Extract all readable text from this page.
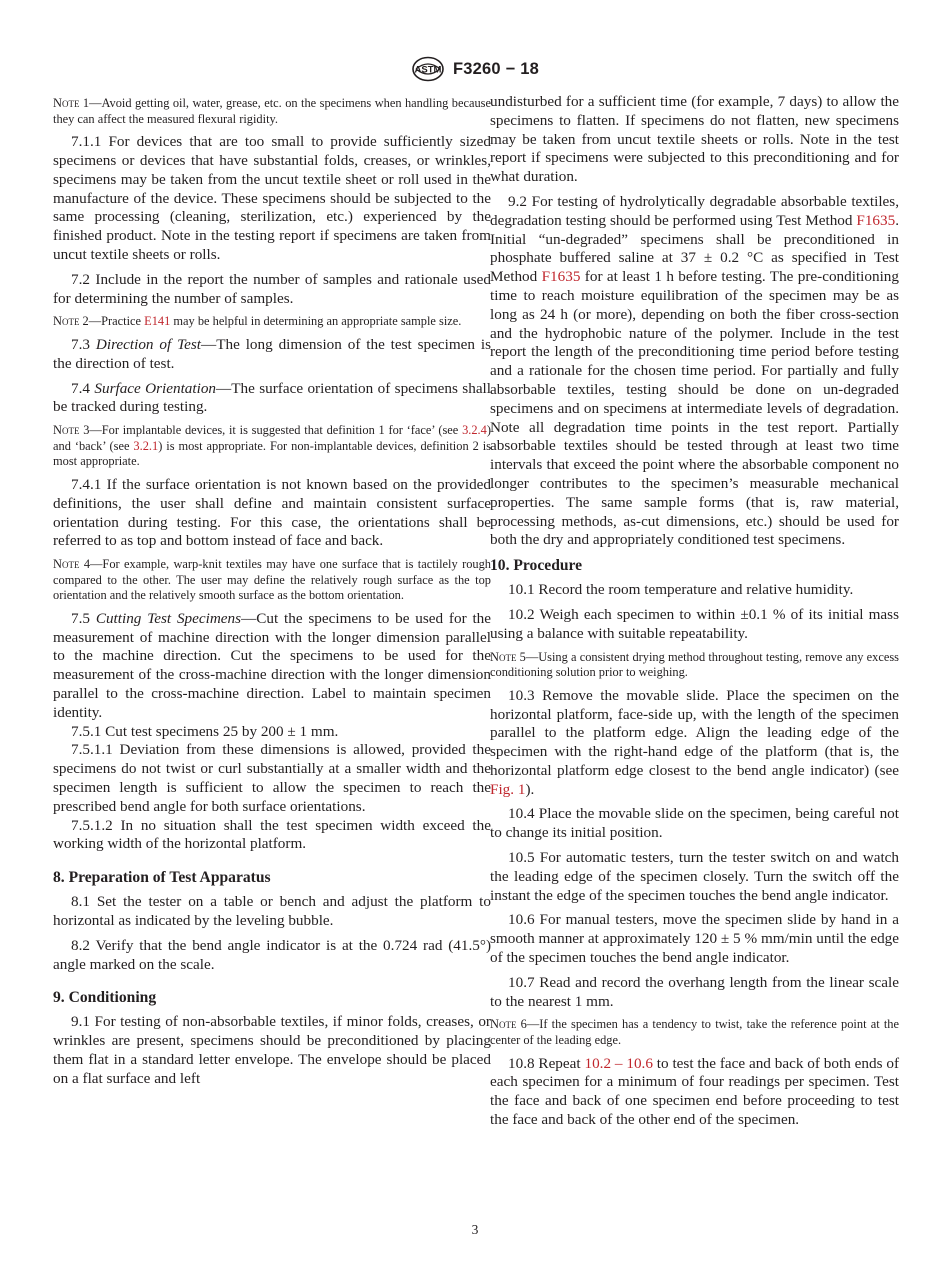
ASTM F3260 − 18
Note 1—Avoid getting oil, water, grease, etc. on the specimens when handling because they can affect the measured flexural rigidity.

7.1.1 For devices that are too small to provide sufficiently sized specimens or devices that have substantial folds, creases, or wrinkles, specimens may be taken from the uncut textile sheet or roll used in the manufacture of the device. These specimens should be subjected to the same processing (cleaning, sterilization, etc.) experienced by the finished product. Note in the testing report if specimens are taken from uncut textile sheets or rolls.

7.2 Include in the report the number of samples and rationale used for determining the number of samples.

Note 2—Practice E141 may be helpful in determining an appropriate sample size.

7.3 Direction of Test—The long dimension of the test specimen is the direction of test.

7.4 Surface Orientation—The surface orientation of specimens shall be tracked during testing.

Note 3—For implantable devices, it is suggested that definition 1 for ‘face’ (see 3.2.4) and ‘back’ (see 3.2.1) is most appropriate. For non-implantable devices, definition 2 is most appropriate.

7.4.1 If the surface orientation is not known based on the provided definitions, the user shall define and maintain consistent surface orientation during testing. For this case, the orientations shall be referred to as top and bottom instead of face and back.

Note 4—For example, warp-knit textiles may have one surface that is tactilely rough compared to the other. The user may define the relatively rough surface as the top orientation and the relatively smooth surface as the bottom orientation.

7.5 Cutting Test Specimens—Cut the specimens to be used for the measurement of machine direction with the longer dimension parallel to the machine direction. Cut the specimens to be used for the measurement of the cross-machine direction with the longer dimension parallel to the cross-machine direction. Label to maintain specimen identity.

7.5.1 Cut test specimens 25 by 200 ± 1 mm.

7.5.1.1 Deviation from these dimensions is allowed, provided the specimens do not twist or curl substantially at a smaller width and the specimen length is sufficient to allow the specimen to reach the prescribed bend angle for both surface orientations.

7.5.1.2 In no situation shall the test specimen width exceed the working width of the horizontal platform.

8. Preparation of Test Apparatus

8.1 Set the tester on a table or bench and adjust the platform to horizontal as indicated by the leveling bubble.

8.2 Verify that the bend angle indicator is at the 0.724 rad (41.5°) angle marked on the scale.

9. Conditioning

9.1 For testing of non-absorbable textiles, if minor folds, creases, or wrinkles are present, specimens should be preconditioned by placing them flat in a standard letter envelope. The envelope should be placed on a flat surface and left

undisturbed for a sufficient time (for example, 7 days) to allow the specimens to flatten. If specimens do not flatten, new specimens may be taken from uncut textile sheets or rolls. Note in the test report if specimens were subjected to this preconditioning and for what duration.

9.2 For testing of hydrolytically degradable absorbable textiles, degradation testing should be performed using Test Method F1635. Initial “un-degraded” specimens shall be preconditioned in phosphate buffered saline at 37 ± 0.2 °C as specified in Test Method F1635 for at least 1 h before testing. The pre-conditioning time to reach moisture equilibration of the specimen may be as long as 24 h (or more), depending on both the fiber cross-section and the hydrophobic nature of the polymer. Include in the test report the length of the preconditioning time period before testing and a rationale for the chosen time period. For partially and fully absorbable textiles, testing should be done on un-degraded specimens and on specimens at intermediate levels of degradation. Note all degradation time points in the test report. Partially absorbable textiles should be tested through at least two time intervals that exceed the point where the absorbable component no longer contributes to the specimen’s measurable mechanical properties. The same sample forms (that is, raw material, processing methods, as-cut dimensions, etc.) should be used for both the dry and appropriately conditioned test specimens.

10. Procedure

10.1 Record the room temperature and relative humidity.

10.2 Weigh each specimen to within ±0.1 % of its initial mass using a balance with suitable repeatability.

Note 5—Using a consistent drying method throughout testing, remove any excess conditioning solution prior to weighing.

10.3 Remove the movable slide. Place the specimen on the horizontal platform, face-side up, with the length of the specimen parallel to the platform edge. Align the leading edge of the specimen with the right-hand edge of the platform (that is, the horizontal platform edge closest to the bend angle indicator) (see Fig. 1).

10.4 Place the movable slide on the specimen, being careful not to change its initial position.

10.5 For automatic testers, turn the tester switch on and watch the leading edge of the specimen closely. Turn the switch off the instant the edge of the specimen touches the bend angle indicator.

10.6 For manual testers, move the specimen slide by hand in a smooth manner at approximately 120 ± 5 % mm/min until the edge of the specimen touches the bend angle indicator.

10.7 Read and record the overhang length from the linear scale to the nearest 1 mm.

Note 6—If the specimen has a tendency to twist, take the reference point at the center of the leading edge.

10.8 Repeat 10.2 – 10.6 to test the face and back of both ends of each specimen for a minimum of four readings per specimen. Test the face and back of one specimen end before proceeding to test the face and back of the other end of the specimen.

3
